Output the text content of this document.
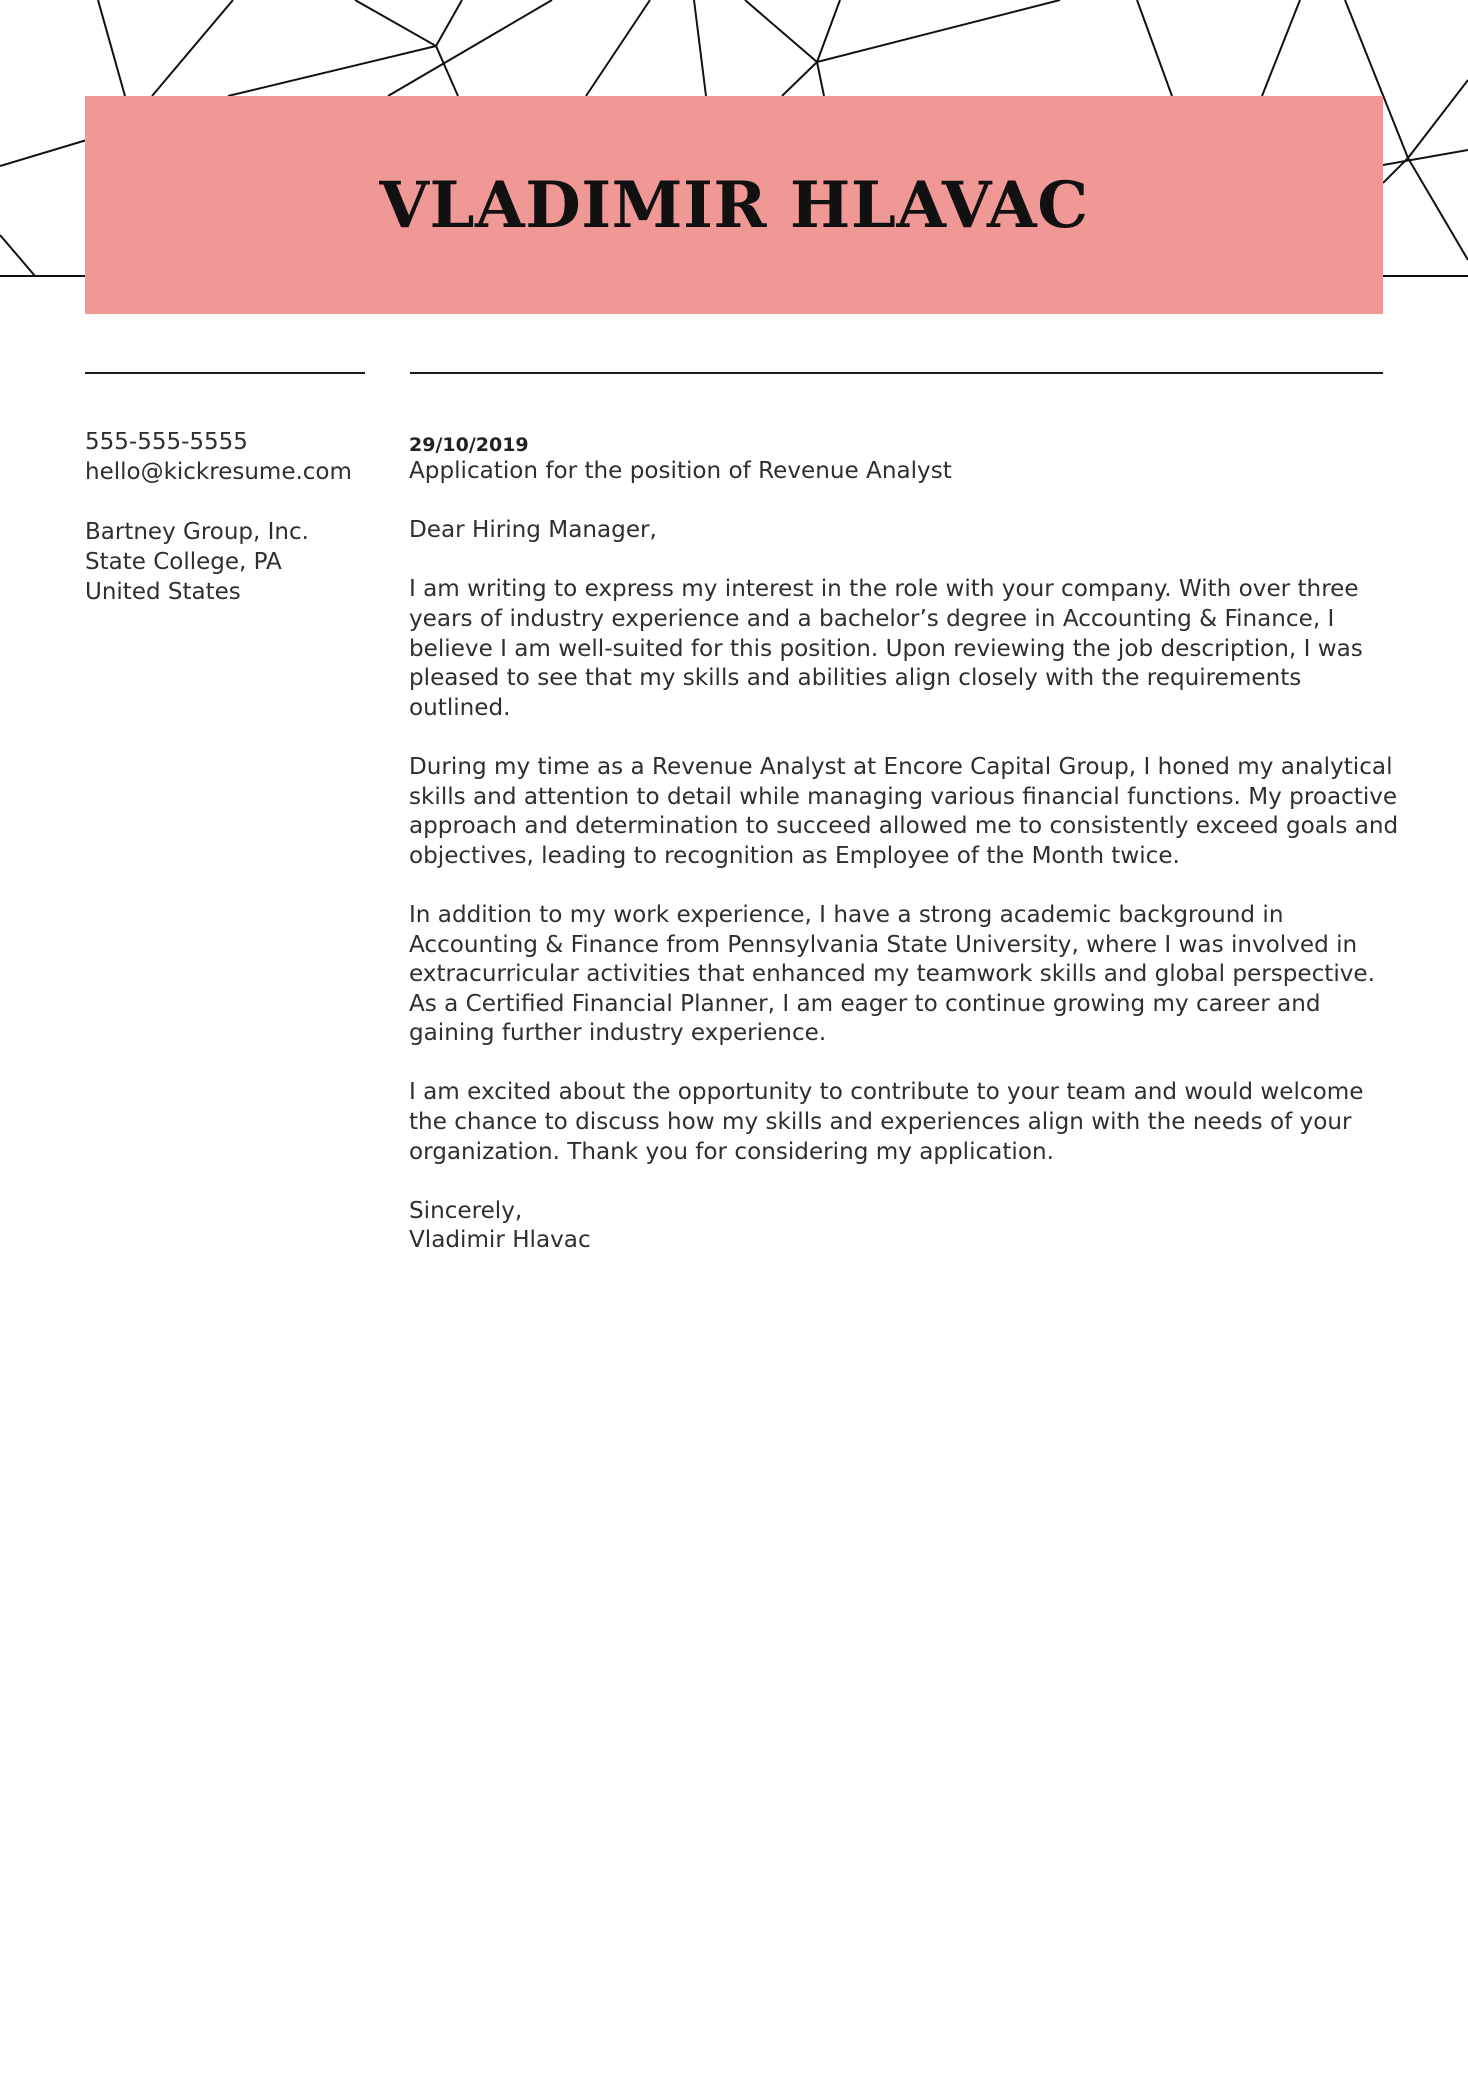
VLADIMIR HLAVAC
555-555-5555
hello@kickresume.com
Bartney Group, Inc.
State College, PA
United States
29/10/2019
Application for the position of Revenue Analyst

Dear Hiring Manager,

I am writing to express my interest in the role with your company. With over three years of industry experience and a bachelor’s degree in Accounting & Finance, I believe I am well-suited for this position. Upon reviewing the job description, I was pleased to see that my skills and abilities align closely with the requirements outlined.

During my time as a Revenue Analyst at Encore Capital Group, I honed my analytical skills and attention to detail while managing various financial functions. My proactive approach and determination to succeed allowed me to consistently exceed goals and objectives, leading to recognition as Employee of the Month twice.

In addition to my work experience, I have a strong academic background in Accounting & Finance from Pennsylvania State University, where I was involved in extracurricular activities that enhanced my teamwork skills and global perspective. As a Certified Financial Planner, I am eager to continue growing my career and gaining further industry experience.

I am excited about the opportunity to contribute to your team and would welcome the chance to discuss how my skills and experiences align with the needs of your organization. Thank you for considering my application.

Sincerely,
Vladimir Hlavac
